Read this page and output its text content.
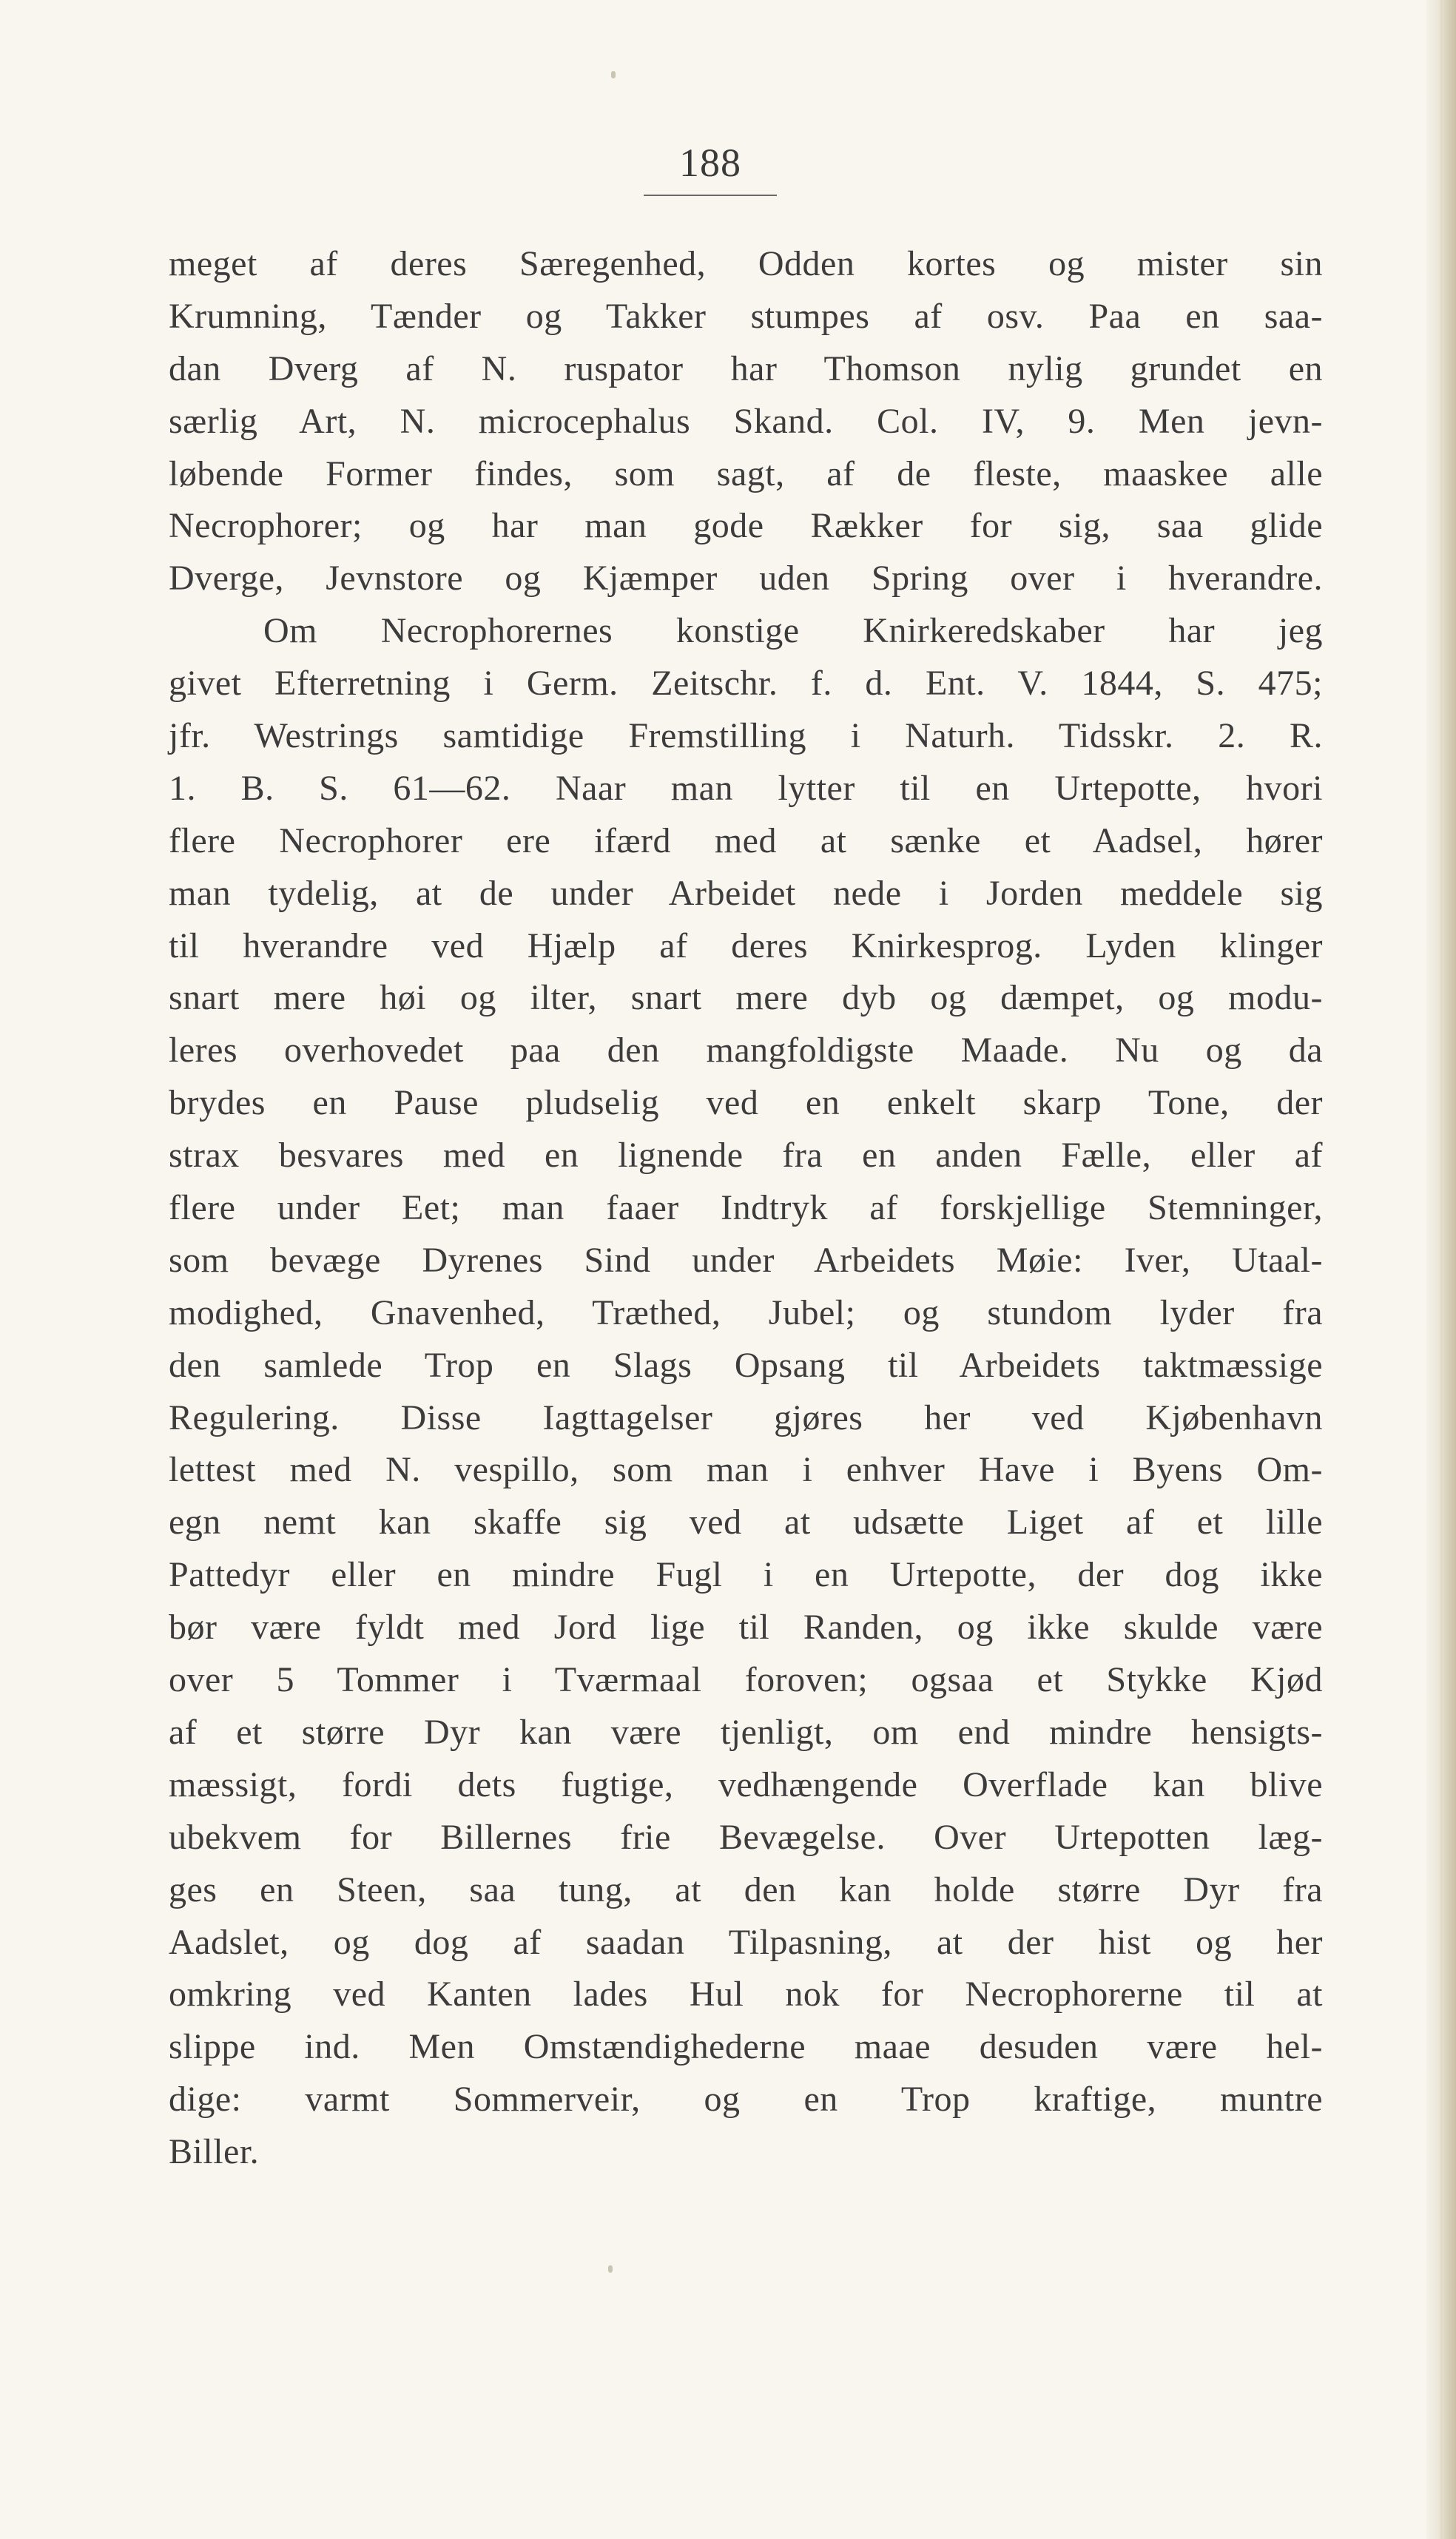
188
meget af deres Særegenhed, Odden kortes og mister sin
Krumning, Tænder og Takker stumpes af osv. Paa en saa-
dan Dverg af N. ruspator har Thomson nylig grundet en
særlig Art, N. microcephalus Skand. Col. IV, 9. Men jevn-
løbende Former findes, som sagt, af de fleste, maaskee alle
Necrophorer; og har man gode Rækker for sig, saa glide
Dverge, Jevnstore og Kjæmper uden Spring over i hverandre.
Om Necrophorernes konstige Knirkeredskaber har jeg
givet Efterretning i Germ. Zeitschr. f. d. Ent. V. 1844, S. 475;
jfr. Westrings samtidige Fremstilling i Naturh. Tidsskr. 2. R.
1. B. S. 61—62. Naar man lytter til en Urtepotte, hvori
flere Necrophorer ere ifærd med at sænke et Aadsel, hører
man tydelig, at de under Arbeidet nede i Jorden meddele sig
til hverandre ved Hjælp af deres Knirkesprog. Lyden klinger
snart mere høi og ilter, snart mere dyb og dæmpet, og modu-
leres overhovedet paa den mangfoldigste Maade. Nu og da
brydes en Pause pludselig ved en enkelt skarp Tone, der
strax besvares med en lignende fra en anden Fælle, eller af
flere under Eet; man faaer Indtryk af forskjellige Stemninger,
som bevæge Dyrenes Sind under Arbeidets Møie: Iver, Utaal-
modighed, Gnavenhed, Træthed, Jubel; og stundom lyder fra
den samlede Trop en Slags Opsang til Arbeidets taktmæssige
Regulering. Disse Iagttagelser gjøres her ved Kjøbenhavn
lettest med N. vespillo, som man i enhver Have i Byens Om-
egn nemt kan skaffe sig ved at udsætte Liget af et lille
Pattedyr eller en mindre Fugl i en Urtepotte, der dog ikke
bør være fyldt med Jord lige til Randen, og ikke skulde være
over 5 Tommer i Tværmaal foroven; ogsaa et Stykke Kjød
af et større Dyr kan være tjenligt, om end mindre hensigts-
mæssigt, fordi dets fugtige, vedhængende Overflade kan blive
ubekvem for Billernes frie Bevægelse. Over Urtepotten læg-
ges en Steen, saa tung, at den kan holde større Dyr fra
Aadslet, og dog af saadan Tilpasning, at der hist og her
omkring ved Kanten lades Hul nok for Necrophorerne til at
slippe ind. Men Omstændighederne maae desuden være hel-
dige: varmt Sommerveir, og en Trop kraftige, muntre
Biller.
